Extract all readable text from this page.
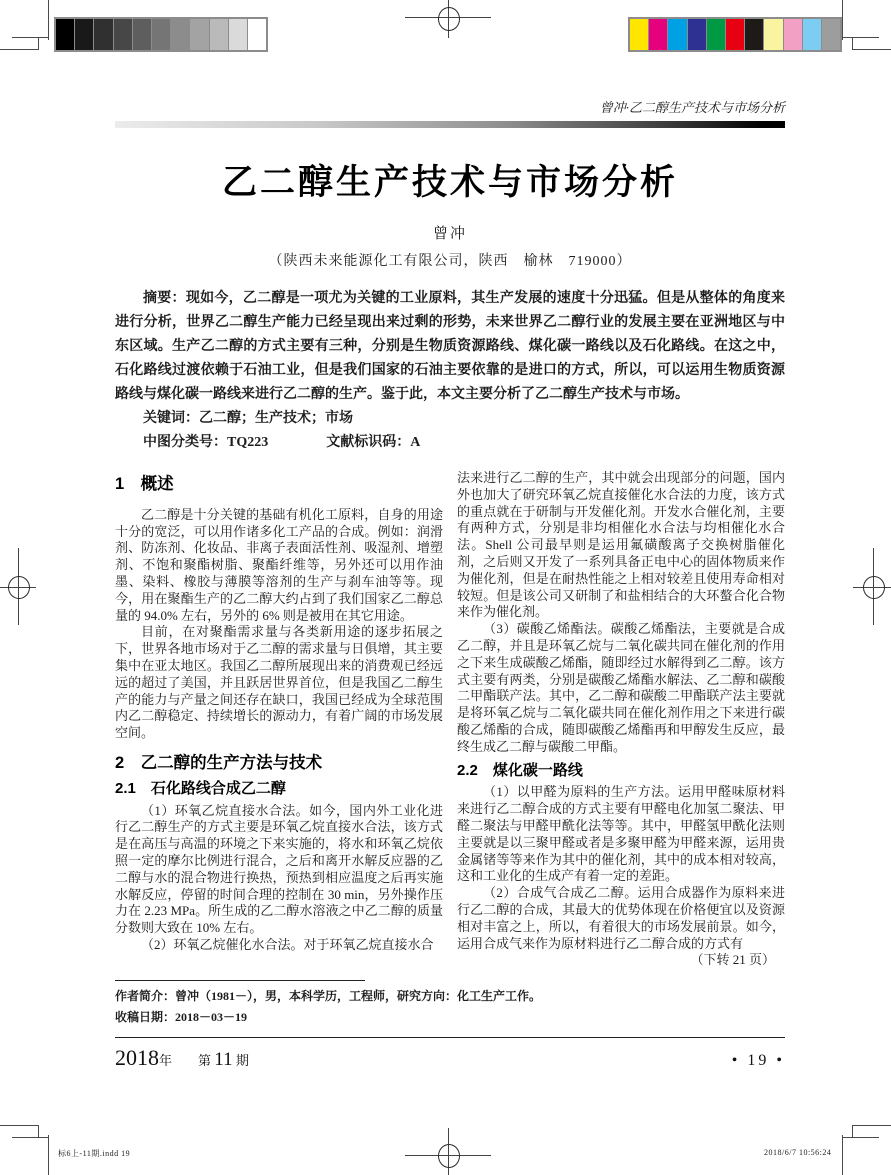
标6上-11期.indd 19	2018/6/7 10:56:24
曾冲·乙二醇生产技术与市场分析
乙二醇生产技术与市场分析
曾冲
（陕西未来能源化工有限公司，陕西　榆林　719000）

摘要：现如今，乙二醇是一项尤为关键的工业原料，其生产发展的速度十分迅猛。但是从整体的角度来进行分析，世界乙二醇生产能力已经呈现出来过剩的形势，未来世界乙二醇行业的发展主要在亚洲地区与中东区域。生产乙二醇的方式主要有三种，分别是生物质资源路线、煤化碳一路线以及石化路线。在这之中，石化路线过渡依赖于石油工业，但是我们国家的石油主要依靠的是进口的方式，所以，可以运用生物质资源路线与煤化碳一路线来进行乙二醇的生产。鉴于此，本文主要分析了乙二醇生产技术与市场。

关键词：乙二醇；生产技术；市场

中图分类号：TQ223	文献标识码：A

1　概述

乙二醇是十分关键的基础有机化工原料，自身的用途十分的宽泛，可以用作诸多化工产品的合成。例如：润滑剂、防冻剂、化妆品、非离子表面活性剂、吸湿剂、增塑剂、不饱和聚酯树脂、聚酯纤维等，另外还可以用作油墨、染料、橡胶与薄膜等溶剂的生产与刹车油等等。现今，用在聚酯生产的乙二醇大约占到了我们国家乙二醇总量的 94.0% 左右，另外的 6% 则是被用在其它用途。

目前，在对聚酯需求量与各类新用途的逐步拓展之下，世界各地市场对于乙二醇的需求量与日俱增，其主要集中在亚太地区。我国乙二醇所展现出来的消费观已经远远的超过了美国，并且跃居世界首位，但是我国乙二醇生产的能力与产量之间还存在缺口，我国已经成为全球范围内乙二醇稳定、持续增长的源动力，有着广阔的市场发展空间。

2　乙二醇的生产方法与技术
2.1　石化路线合成乙二醇

（1）环氧乙烷直接水合法。如今，国内外工业化进行乙二醇生产的方式主要是环氧乙烷直接水合法，该方式是在高压与高温的环境之下来实施的，将水和环氧乙烷依照一定的摩尔比例进行混合，之后和离开水解反应器的乙二醇与水的混合物进行换热，预热到相应温度之后再实施水解反应，停留的时间合理的控制在 30 min，另外操作压力在 2.23 MPa。所生成的乙二醇水溶液之中乙二醇的质量分数则大致在 10% 左右。

（2）环氧乙烷催化水合法。对于环氧乙烷直接水合

法来进行乙二醇的生产，其中就会出现部分的问题，国内外也加大了研究环氧乙烷直接催化水合法的力度，该方式的重点就在于研制与开发催化剂。开发水合催化剂，主要有两种方式，分别是非均相催化水合法与均相催化水合法。Shell 公司最早则是运用氟磺酸离子交换树脂催化剂，之后则又开发了一系列具备正电中心的固体物质来作为催化剂，但是在耐热性能之上相对较差且使用寿命相对较短。但是该公司又研制了和盐相结合的大环螯合化合物来作为催化剂。

（3）碳酸乙烯酯法。碳酸乙烯酯法，主要就是合成乙二醇，并且是环氧乙烷与二氧化碳共同在催化剂的作用之下来生成碳酸乙烯酯，随即经过水解得到乙二醇。该方式主要有两类，分别是碳酸乙烯酯水解法、乙二醇和碳酸二甲酯联产法。其中，乙二醇和碳酸二甲酯联产法主要就是将环氧乙烷与二氧化碳共同在催化剂作用之下来进行碳酸乙烯酯的合成，随即碳酸乙烯酯再和甲醇发生反应，最终生成乙二醇与碳酸二甲酯。

2.2　煤化碳一路线

（1）以甲醛为原料的生产方法。运用甲醛味原材料来进行乙二醇合成的方式主要有甲醛电化加氢二聚法、甲醛二聚法与甲醛甲酰化法等等。其中，甲醛氢甲酰化法则主要就是以三聚甲醛或者是多聚甲醛为甲醛来源，运用贵金属锗等等来作为其中的催化剂，其中的成本相对较高，这和工业化的生成产有着一定的差距。

（2）合成气合成乙二醇。运用合成器作为原料来进行乙二醇的合成，其最大的优势体现在价格便宜以及资源相对丰富之上，所以，有着很大的市场发展前景。如今，运用合成气来作为原材料进行乙二醇合成的方式有

（下转 21 页）

作者简介：曾冲（1981－），男，本科学历，工程师，研究方向：化工生产工作。

收稿日期：2018－03－19

2018年 第 11 期	• 19 •
